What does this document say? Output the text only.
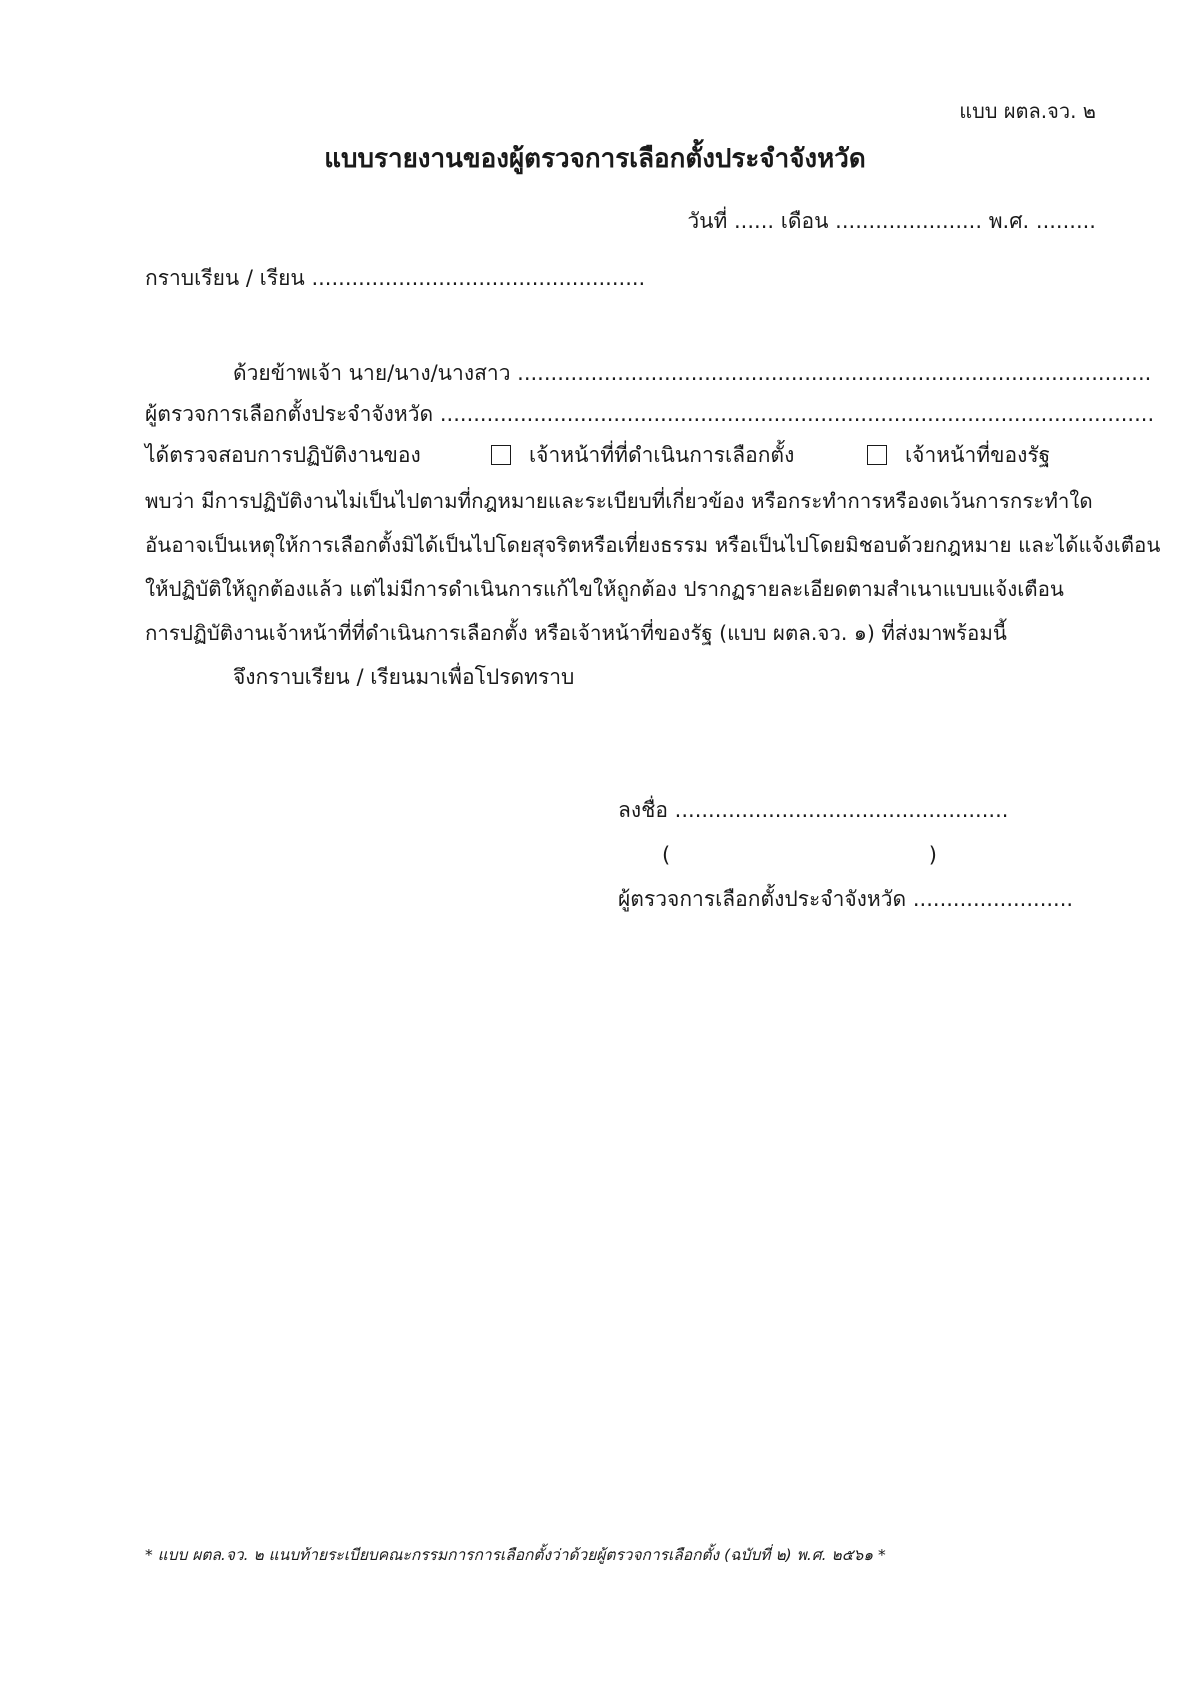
แบบ ผตล.จว. ๒
แบบรายงานของผู้ตรวจการเลือกตั้งประจำจังหวัด
วันที่ ...... เดือน ...................... พ.ศ. .........
กราบเรียน / เรียน ..................................................
ด้วยข้าพเจ้า นาย/นาง/นางสาว ...............................................................................................
ผู้ตรวจการเลือกตั้งประจำจังหวัด ...........................................................................................................
ได้ตรวจสอบการปฏิบัติงานของ	เจ้าหน้าที่ที่ดำเนินการเลือกตั้ง	เจ้าหน้าที่ของรัฐ
พบว่า มีการปฏิบัติงานไม่เป็นไปตามที่กฎหมายและระเบียบที่เกี่ยวข้อง หรือกระทำการหรืองดเว้นการกระทำใด
อันอาจเป็นเหตุให้การเลือกตั้งมิได้เป็นไปโดยสุจริตหรือเที่ยงธรรม หรือเป็นไปโดยมิชอบด้วยกฎหมาย และได้แจ้งเตือน
ให้ปฏิบัติให้ถูกต้องแล้ว แต่ไม่มีการดำเนินการแก้ไขให้ถูกต้อง ปรากฏรายละเอียดตามสำเนาแบบแจ้งเตือน
การปฏิบัติงานเจ้าหน้าที่ที่ดำเนินการเลือกตั้ง หรือเจ้าหน้าที่ของรัฐ (แบบ ผตล.จว. ๑) ที่ส่งมาพร้อมนี้
จึงกราบเรียน / เรียนมาเพื่อโปรดทราบ
ลงชื่อ ..................................................
(	)
ผู้ตรวจการเลือกตั้งประจำจังหวัด ........................
* แบบ ผตล.จว. ๒ แนบท้ายระเบียบคณะกรรมการการเลือกตั้งว่าด้วยผู้ตรวจการเลือกตั้ง (ฉบับที่ ๒) พ.ศ. ๒๕๖๑ *
